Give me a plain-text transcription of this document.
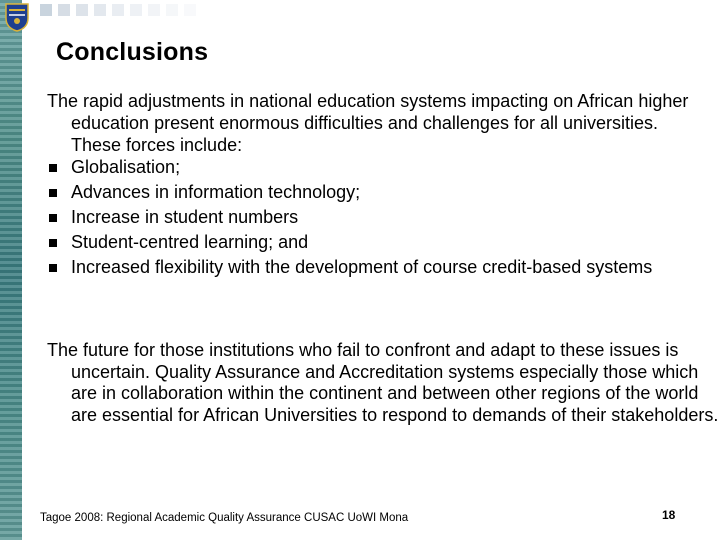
Conclusions
The rapid adjustments in national education systems impacting on African higher education present enormous difficulties and challenges for all universities. These forces include:
Globalisation;
Advances in information technology;
Increase in student numbers
Student-centred learning; and
Increased flexibility with the development of course credit-based systems
The future for those institutions who fail to confront and adapt to these issues is uncertain. Quality Assurance and Accreditation systems especially those which are in collaboration within the continent and between other regions of the world are essential for African Universities to respond to demands of their stakeholders.
Tagoe 2008: Regional Academic Quality Assurance CUSAC UoWI Mona	18
